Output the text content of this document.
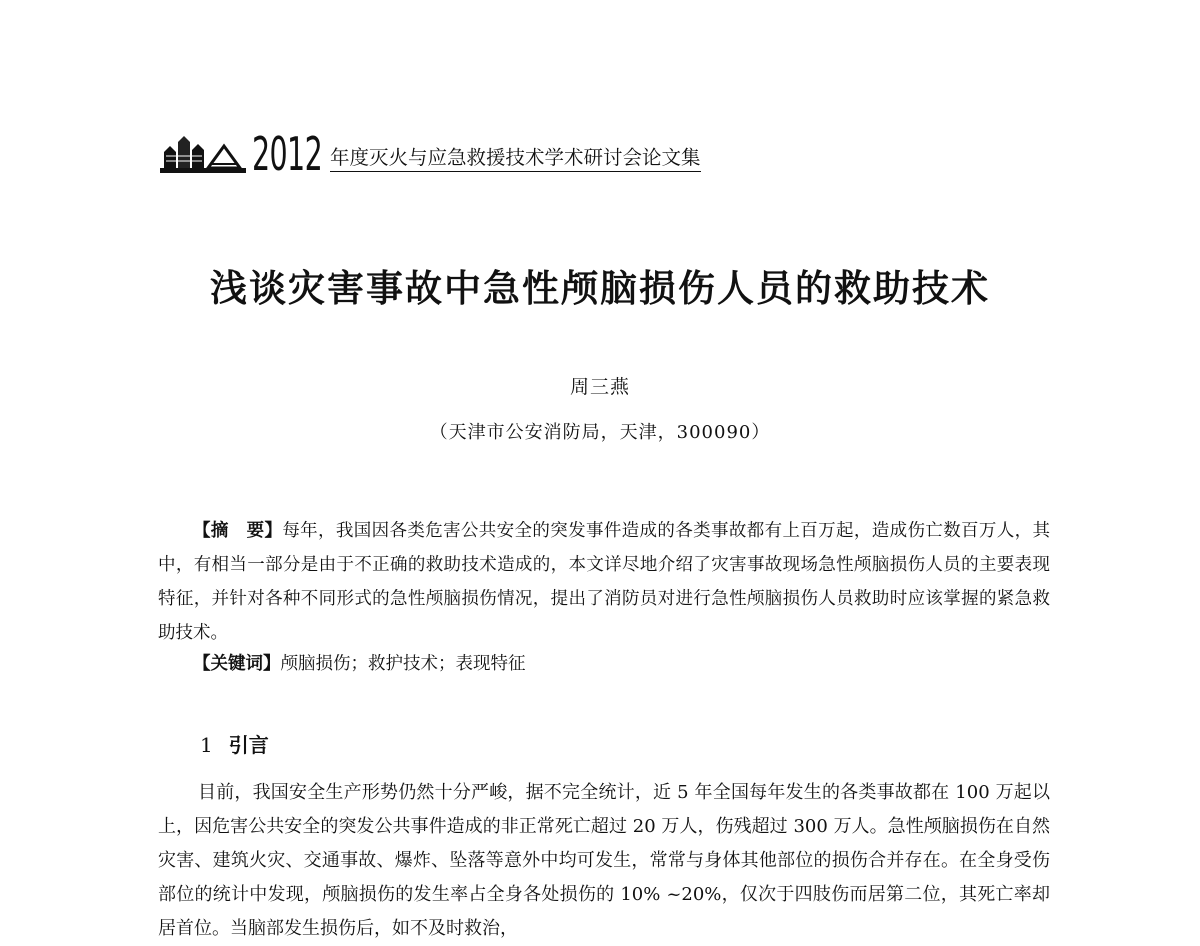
2012 年度灭火与应急救援技术学术研讨会论文集
浅谈灾害事故中急性颅脑损伤人员的救助技术
周三燕
（天津市公安消防局，天津，300090）
【摘　要】每年，我国因各类危害公共安全的突发事件造成的各类事故都有上百万起，造成伤亡数百万人，其中，有相当一部分是由于不正确的救助技术造成的，本文详尽地介绍了灾害事故现场急性颅脑损伤人员的主要表现特征，并针对各种不同形式的急性颅脑损伤情况，提出了消防员对进行急性颅脑损伤人员救助时应该掌握的紧急救助技术。
【关键词】颅脑损伤；救护技术；表现特征
1 引言
目前，我国安全生产形势仍然十分严峻，据不完全统计，近 5 年全国每年发生的各类事故都在 100 万起以上，因危害公共安全的突发公共事件造成的非正常死亡超过 20 万人，伤残超过 300 万人。急性颅脑损伤在自然灾害、建筑火灾、交通事故、爆炸、坠落等意外中均可发生，常常与身体其他部位的损伤合并存在。在全身受伤部位的统计中发现，颅脑损伤的发生率占全身各处损伤的 10% ~20%，仅次于四肢伤而居第二位，其死亡率却居首位。当脑部发生损伤后，如不及时救治，
